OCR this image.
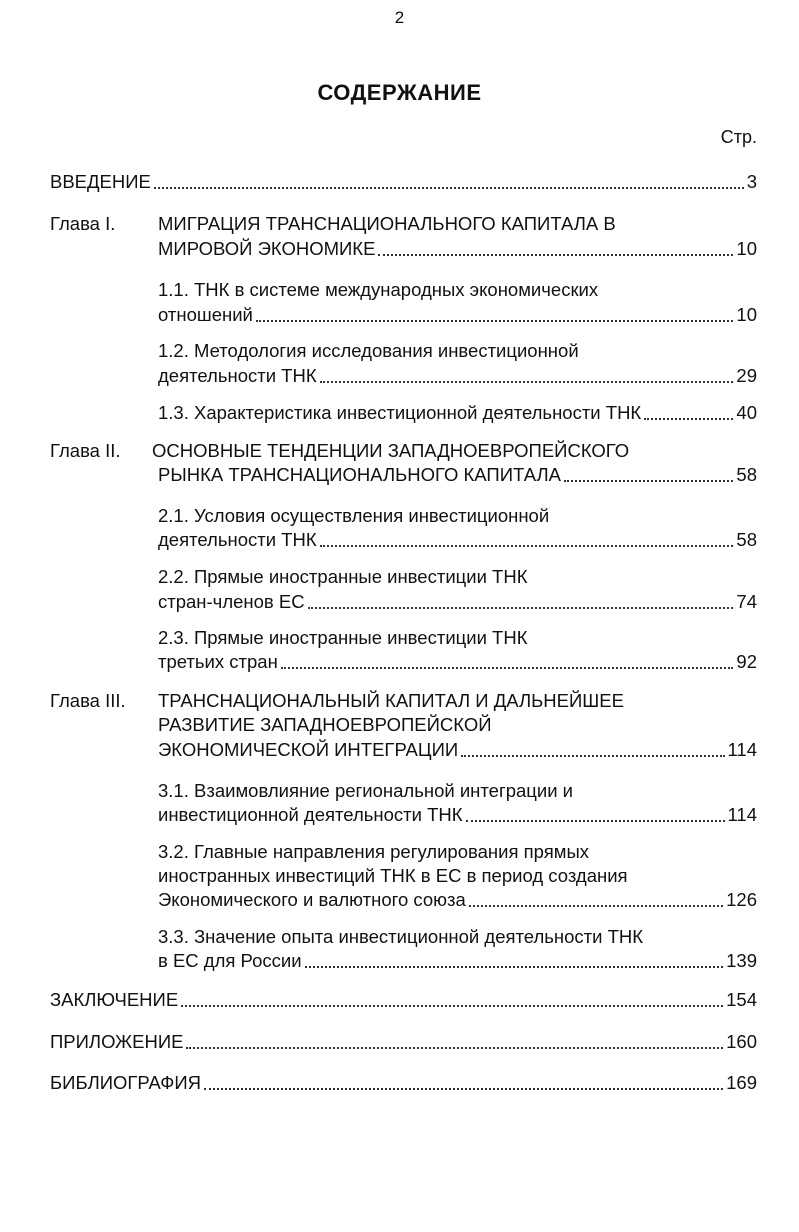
2
СОДЕРЖАНИЕ
Стр.
ВВЕДЕНИЕ	3
Глава I. МИГРАЦИЯ ТРАНСНАЦИОНАЛЬНОГО КАПИТАЛА В
МИРОВОЙ ЭКОНОМИКЕ	10
1.1. ТНК в системе международных экономических
отношений	10
1.2. Методология исследования инвестиционной
деятельности ТНК	29
1.3. Характеристика инвестиционной деятельности ТНК	40
Глава II. ОСНОВНЫЕ ТЕНДЕНЦИИ ЗАПАДНОЕВРОПЕЙСКОГО
РЫНКА ТРАНСНАЦИОНАЛЬНОГО КАПИТАЛА	58
2.1. Условия осуществления инвестиционной
деятельности ТНК	58
2.2. Прямые иностранные инвестиции ТНК
стран-членов ЕС	74
2.3. Прямые иностранные инвестиции ТНК
третьих стран	92
Глава III. ТРАНСНАЦИОНАЛЬНЫЙ КАПИТАЛ И ДАЛЬНЕЙШЕЕ
РАЗВИТИЕ ЗАПАДНОЕВРОПЕЙСКОЙ
ЭКОНОМИЧЕСКОЙ ИНТЕГРАЦИИ	114
3.1. Взаимовлияние региональной интеграции и
инвестиционной деятельности ТНК	114
3.2. Главные направления регулирования прямых
иностранных инвестиций ТНК в ЕС в период создания
Экономического и валютного союза	126
3.3. Значение опыта инвестиционной деятельности ТНК
в ЕС для России	139
ЗАКЛЮЧЕНИЕ	154
ПРИЛОЖЕНИЕ	160
БИБЛИОГРАФИЯ	169
